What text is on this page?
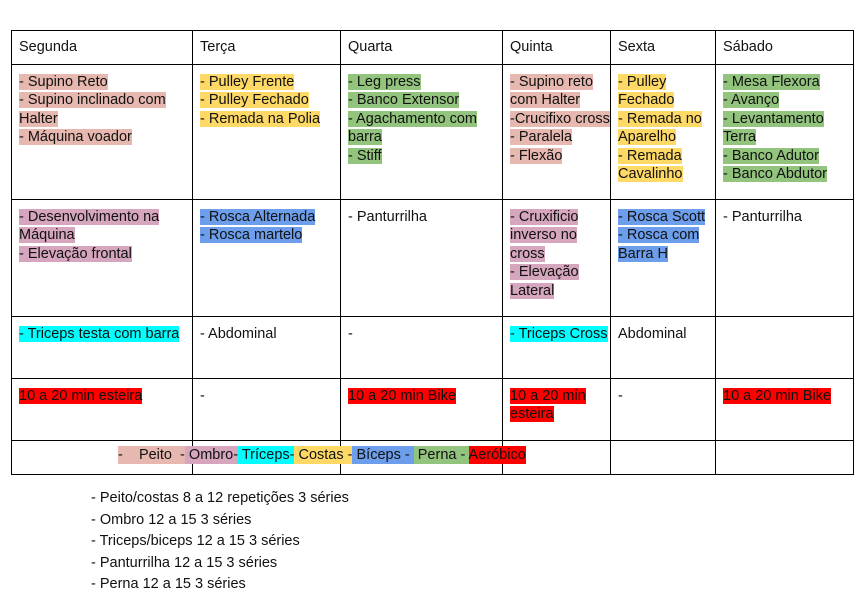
Segunda	Terça	Quarta	Quinta	Sexta	Sábado
- Supino Reto
- Supino inclinado com Halter
- Máquina voador	- Pulley Frente
- Pulley Fechado
- Remada na Polia	- Leg press
- Banco Extensor
- Agachamento com barra
- Stiff	- Supino reto com Halter
-Crucifixo cross
- Paralela
- Flexão	- Pulley Fechado
- Remada no Aparelho
- Remada Cavalinho	- Mesa Flexora
- Avanço
- Levantamento Terra
- Banco Adutor
- Banco Abdutor
- Desenvolvimento na Máquina
- Elevação frontal	- Rosca Alternada
- Rosca martelo	- Panturrilha	- Cruxificio inverso no cross
- Elevação Lateral	- Rosca Scott
- Rosca com Barra H	- Panturrilha
- Triceps testa com barra	- Abdominal	-	- Triceps Cross	Abdominal	
10 a 20 min esteira	-	10 a 20 min Bike	10 a 20 min esteira	-	10 a 20 min Bike

-    Peito  - Ombro- Tríceps- Costas - Bíceps -  Perna - Aeróbico
- Peito/costas 8 a 12 repetições 3 séries
- Ombro 12 a 15 3 séries
- Triceps/biceps 12 a 15 3 séries
- Panturrilha 12 a 15 3 séries
- Perna 12 a 15 3 séries
